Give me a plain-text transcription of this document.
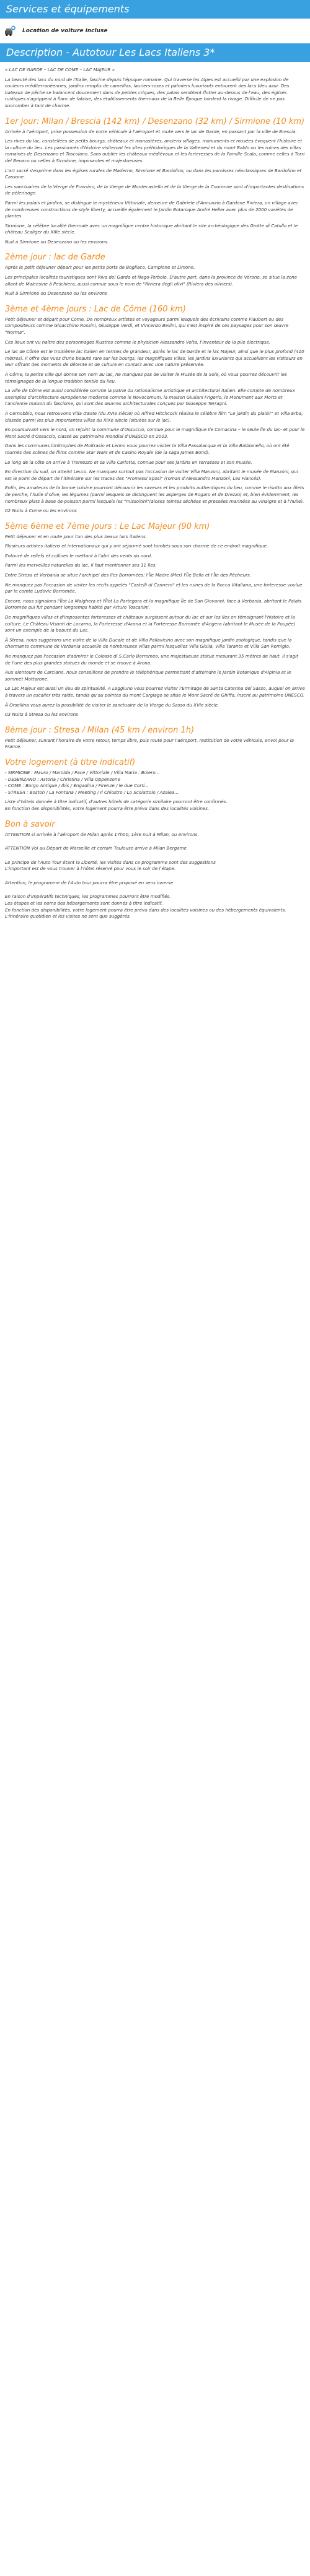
Services et équipements
Location de voiture incluse
Description - Autotour Les Lacs Italiens 3*

« LAC DE GARDE – LAC DE COME – LAC MAJEUR »

La beauté des lacs du nord de l'Italie, fascine depuis l'époque romaine. Qui traverse les Alpes est accueilli par une explosion de couleurs méditerranéennes, jardins remplis de camellias, lauriers-roses et palmiers luxuriants entourent des lacs bleu azur. Des bateaux de pêche se balancent doucement dans de petites criques, des palais semblent flotter au-dessus de l'eau, des églises rustiques s'agrippent à flanc de falaise, des établissements thermaux de la Belle Époque bordent la rivage. Difficile de ne pas succomber à tant de charme.

1er jour: Milan / Brescia (142 km) / Desenzano (32 km) / Sirmione (10 km)

Arrivée à l'aéroport, prise possession de votre véhicule à l'aéroport et route vers le lac de Garde, en passant par la ville de Brescia.

Les rives du lac, constellées de petits bourgs, châteaux et monastères, anciens villages, monuments et musées évoquent l'histoire et la culture du lieu. Les passionnés d'histoire visiteront les sites préhistoriques de la Valtenesi et du mont Baldo ou les ruines des villas romaines de Desenzano et Toscolano. Sans oublier les châteaux médiévaux et les forteresses de la Famille Scala, comme celles à Torri del Benaco ou celles à Sirmione, imposantes et majestueuses.

L'art sacré s'exprime dans les églises rurales de Maderno, Sirmione et Bardolino, ou dans les paroisses néoclassiques de Bardolino et Cassone.

Les sanctuaires de la Vierge de Frassino, de la Vierge de Montecastello et de la Vierge de la Couronne sont d'importantes destinations de pèlerinage.

Parmi les palais et jardins, se distingue le mystérieux Vittoriale, demeure de Gabriele d'Annunzio à Gardone Riviera, un village avec de nombreuses constructions de style liberty, accueille également le Jardin Botanique André Heller avec plus de 2000 variétés de plantes.

Sirmione, la célèbre localité thermale avec un magnifique centre historique abritant le site archéologique des Grotte di Catullo et le château Scaliger du XIIIe siècle.

Nuit à Sirmione ou Desenzano ou les environs.

2ème jour : lac de Garde

Après le petit déjeuner départ pour les petits ports de Bogliaco, Campione et Limone.

Les principales localités touristiques sont Riva del Garda et Nago-Torbole. D'autre part, dans la province de Vérone, se situe la zone allant de Malcesine à Peschiera, aussi connue sous le nom de "Riviera degli olivi" (Riviera des oliviers).

Nuit à Sirmione ou Desenzano ou les environs

3ème et 4ème jours : Lac de Côme (160 km)

Petit déjeuner et départ pour Come. De nombreux artistes et voyageurs parmi lesquels des écrivains comme Flaubert ou des compositeurs comme Gioacchino Rossini, Giuseppe Verdi, et Vincenzo Bellini, qui s'est inspiré de ces paysages pour son œuvre "Norma".

Ces lieux ont vu naître des personnages illustres comme le physicien Alessandro Volta, l'inventeur de la pile électrique.

Le lac de Côme est le troisième lac italien en termes de grandeur, après le lac de Garde et le lac Majeur, ainsi que le plus profond (410 mètres). Il offre des vues d'une beauté rare sur les bourgs, les magnifiques villas, les jardins luxuriants qui accueillent les visiteurs en leur offrant des moments de détente et de culture en contact avec une nature préservée.

À Côme, la petite ville qui donne son nom au lac, ne manquez pas de visiter le Musée de la Soie, où vous pourrez découvrir les témoignages de la longue tradition textile du lieu.

La ville de Côme est aussi considérée comme la patrie du rationalisme artistique et architectural italien. Elle compte de nombreux exemples d'architecture européenne moderne comme le Novocomum, la maison Giuliani Frigerio, le Monument aux Morts et l'ancienne maison du fascisme, qui sont des œuvres architecturales conçues par Giuseppe Terragni.

À Cernobbio, nous retrouvons Villa d'Este (du XVIe siècle) où Alfred Hitchcock réalisa le célèbre film "Le jardin du plaisir" et Villa Erba, classée parmi les plus importantes villas du XIXe siècle (situées sur le lac).

En poursuivant vers le nord, on rejoint la commune d'Ossuccio, connue pour le magnifique Ile Comacina – le seule île du lac- et pour le Mont Sacré d'Ossuccio, classé au patrimoine mondial d'UNESCO en 2003.

Dans les communes limitrophes de Moltrasio et Lenno vous pourrez visiter la Villa Passalacqua et la Villa Balbianello, où ont été tournés des scènes de films comme Star Wars et de Casino Royale (de la saga James Bond).

Le long de la côte on arrive à Tremezzo et sa Villa Carlotta, connue pour ses jardins en terrasses et son musée.

En direction du sud, on atteint Lecco. Ne manquez surtout pas l'occasion de visiter Villa Manzoni, abritant le musée de Manzoni, qui est le point de départ de l'itinéraire sur les traces des "Promessi Sposi" (roman d'Alessandro Manzoni, Les Fiancés).

Enfin, les amateurs de la bonne cuisine pourront découvrir les saveurs et les produits authentiques du lieu, comme le risotto aux filets de perche, l'huile d'olive, les légumes (parmi lesquels se distinguent les asperges de Rogaro et de Drezzo) et, bien évidemment, les nombreux plats à base de poisson parmi lesquels les "missoltini"(aloses teintes séchées et pressées marinées au vinaigre et à l'huile).

02 Nuits à Come ou les environs

5ème 6ème et 7ème jours : Le Lac Majeur (90 km)

Petit déjeuner et en route pour l'un des plus beaux lacs italiens.

Plusieurs artistes italiens et internationaux qui y ont séjourné sont tombés sous son charme de ce endroit magnifique.

Entouré de reliefs et collines le mettant à l'abri des vents du nord.

Parmi les merveilles naturelles du lac, il faut mentionner ses 11 îles.

Entre Stresa et Verbania se situe l'archipel des îles Borromées: l'Île Madre (Mer) l'Île Bella et l'Île des Pêcheurs.

Ne manquez pas l'occasion de visiter les récifs appelés "Castelli di Cannero" et les ruines de la Rocca Vitaliana, une forteresse voulue par le comte Ludovic Borromée.

Encore, nous signalons l'Îlot La Malghera et l'Îlot La Partegora et la magnifique Île de San Giovanni, face à Verbania, abritant le Palais Borromée qui fut pendant longtemps habité par Arturo Toscanini.

De magnifiques villas et d'imposantes forteresses et châteaux surgissent autour du lac et sur les îles en témoignant l'histoire et la culture. Le Château Visonti de Locarno, la Forteresse d'Arona et la Forteresse Borromée d'Angera (abritant le Musée de la Poupée) sont un exemple de la beauté du Lac.

À Stresa, nous suggérons une visite de la Villa Ducale et de Villa Pallavicino avec son magnifique jardin zoologique, tandis que la charmante commune de Verbania accueille de nombreuses villas parmi lesquelles Villa Giulia, Villa Taranto et Villa San Remigio.

Ne manquez pas l'occasion d'admirer le Colosse di S.Carlo Borromeo, une majestueuse statue mesurant 35 mètres de haut. Il s'agit de l'une des plus grandes statues du monde et se trouve à Arona.

Aux alentours de Carciano, nous conseillons de prendre le téléphérique permettant d'atteindre le Jardin Botanique d'Alpinia et le sommet Mottarone.

Le Lac Majeur est aussi un lieu de spiritualité. A Leggiuno vous pourrez visiter l'Ermitage de Santa Caterina del Sasso, auquel on arrive à travers un escalier très raide, tandis qu'au pointes du mont Cargiago se situe le Mont Sacré de Ghiffa, inscrit au patrimoine UNESCO.

À Orsellina vous aurez la possibilité de visiter le sanctuaire de la Vierge du Sasso du XVIe siècle.

03 Nuits à Stresa ou les environs

8ème jour : Stresa / Milan (45 km / environ 1h)

Petit déjeuner, suivant l'horaire de votre retour, temps libre, puis route pour l'aéroport, restitution de votre véhicule, envol pour la France.

Votre logement (à titre indicatif)

- SIRMIONE : Mauro / Marolda / Pace / Vittoriale / Villa Maria : Bolero...

- DESENZANO : Astoria / Christina / Villa Oppenzone

- COME : Borgo Antique / Ibis / Engadina / Firenze / le due Corti...

- STRESA : Boston / La Fontana / Meeting / Il Chiostro / Lo Scoiattolo / Azalea...

Liste d'hôtels donnée à titre indicatif, d'autres hôtels de catégorie similaire pourront être confirmés.
En fonction des disponibilités, votre logement pourra être prévu dans des localités voisines.

Bon à savoir

ATTENTION si arrivée à l'aéroport de Milan après 17h00, 1ère nuit à Milan, ou environs.

ATTENTION Vol au Départ de Marseille et certain Toulouse arrive à Milan Bergame

Le principe de l'Auto Tour étant la Liberté, les visites dans ce programme sont des suggestions
L'important est de vous trouver à l'hôtel réservé pour vous le soir de l'étape.

Attention, le programme de l'Auto tour pourra être proposé en sens inverse

En raison d'impératifs techniques, les programmes pourront être modifiés.
Les étapes et les noms des hébergements sont donnés à titre indicatif.
En fonction des disponibilités, votre logement pourra être prévu dans des localités voisines ou des hébergements équivalents.
L'itinéraire quotidien et les visites ne sont que suggérés.
